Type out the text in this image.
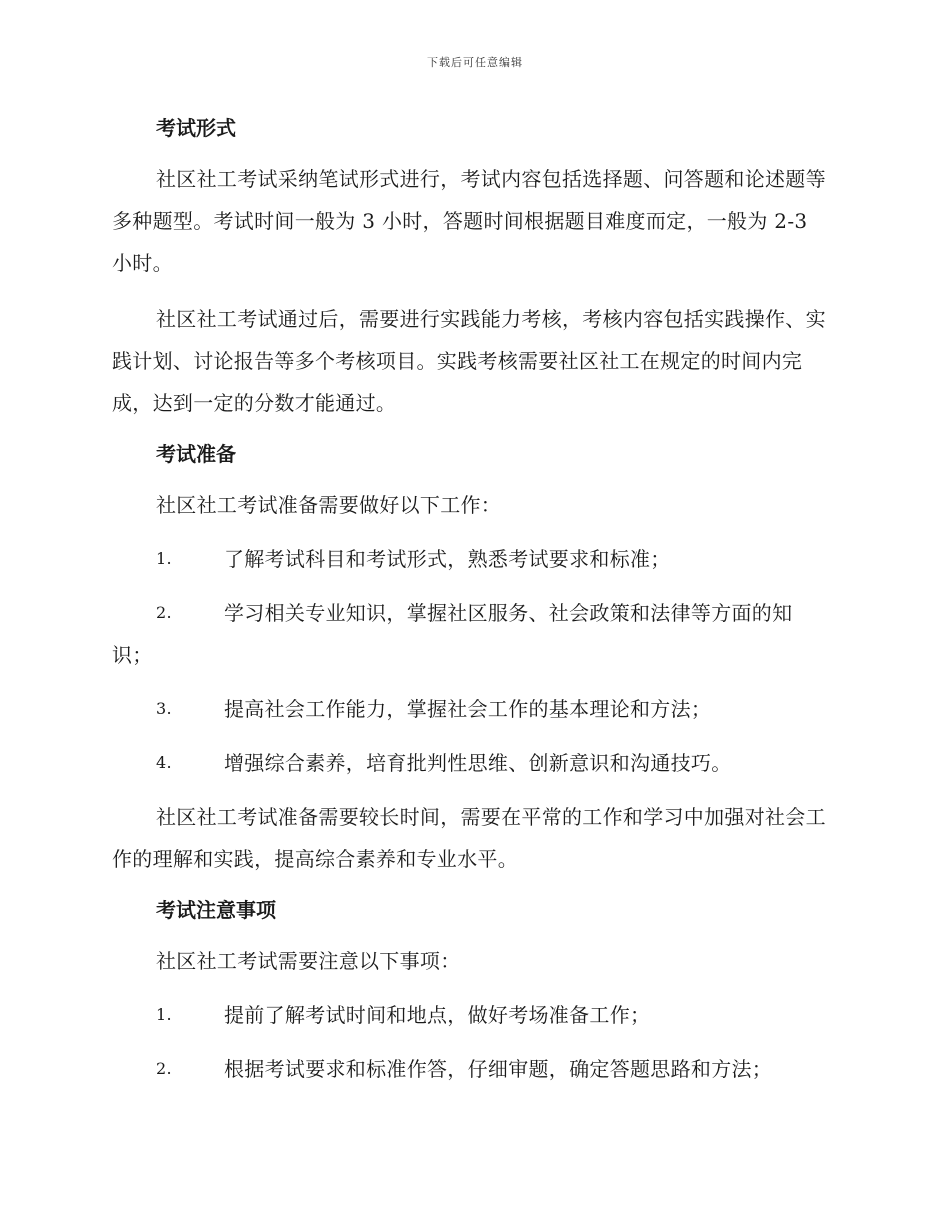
下载后可任意编辑
考试形式

社区社工考试采纳笔试形式进行，考试内容包括选择题、问答题和论述题等多种题型。考试时间一般为 3 小时，答题时间根据题目难度而定，一般为 2-3 小时。

社区社工考试通过后，需要进行实践能力考核，考核内容包括实践操作、实践计划、讨论报告等多个考核项目。实践考核需要社区社工在规定的时间内完成，达到一定的分数才能通过。

考试准备

社区社工考试准备需要做好以下工作：

1.	了解考试科目和考试形式，熟悉考试要求和标准；
2.	学习相关专业知识，掌握社区服务、社会政策和法律等方面的知识；
3.	提高社会工作能力，掌握社会工作的基本理论和方法；
4.	增强综合素养，培育批判性思维、创新意识和沟通技巧。

社区社工考试准备需要较长时间，需要在平常的工作和学习中加强对社会工作的理解和实践，提高综合素养和专业水平。

考试注意事项

社区社工考试需要注意以下事项：

1.	提前了解考试时间和地点，做好考场准备工作；
2.	根据考试要求和标准作答，仔细审题，确定答题思路和方法；
